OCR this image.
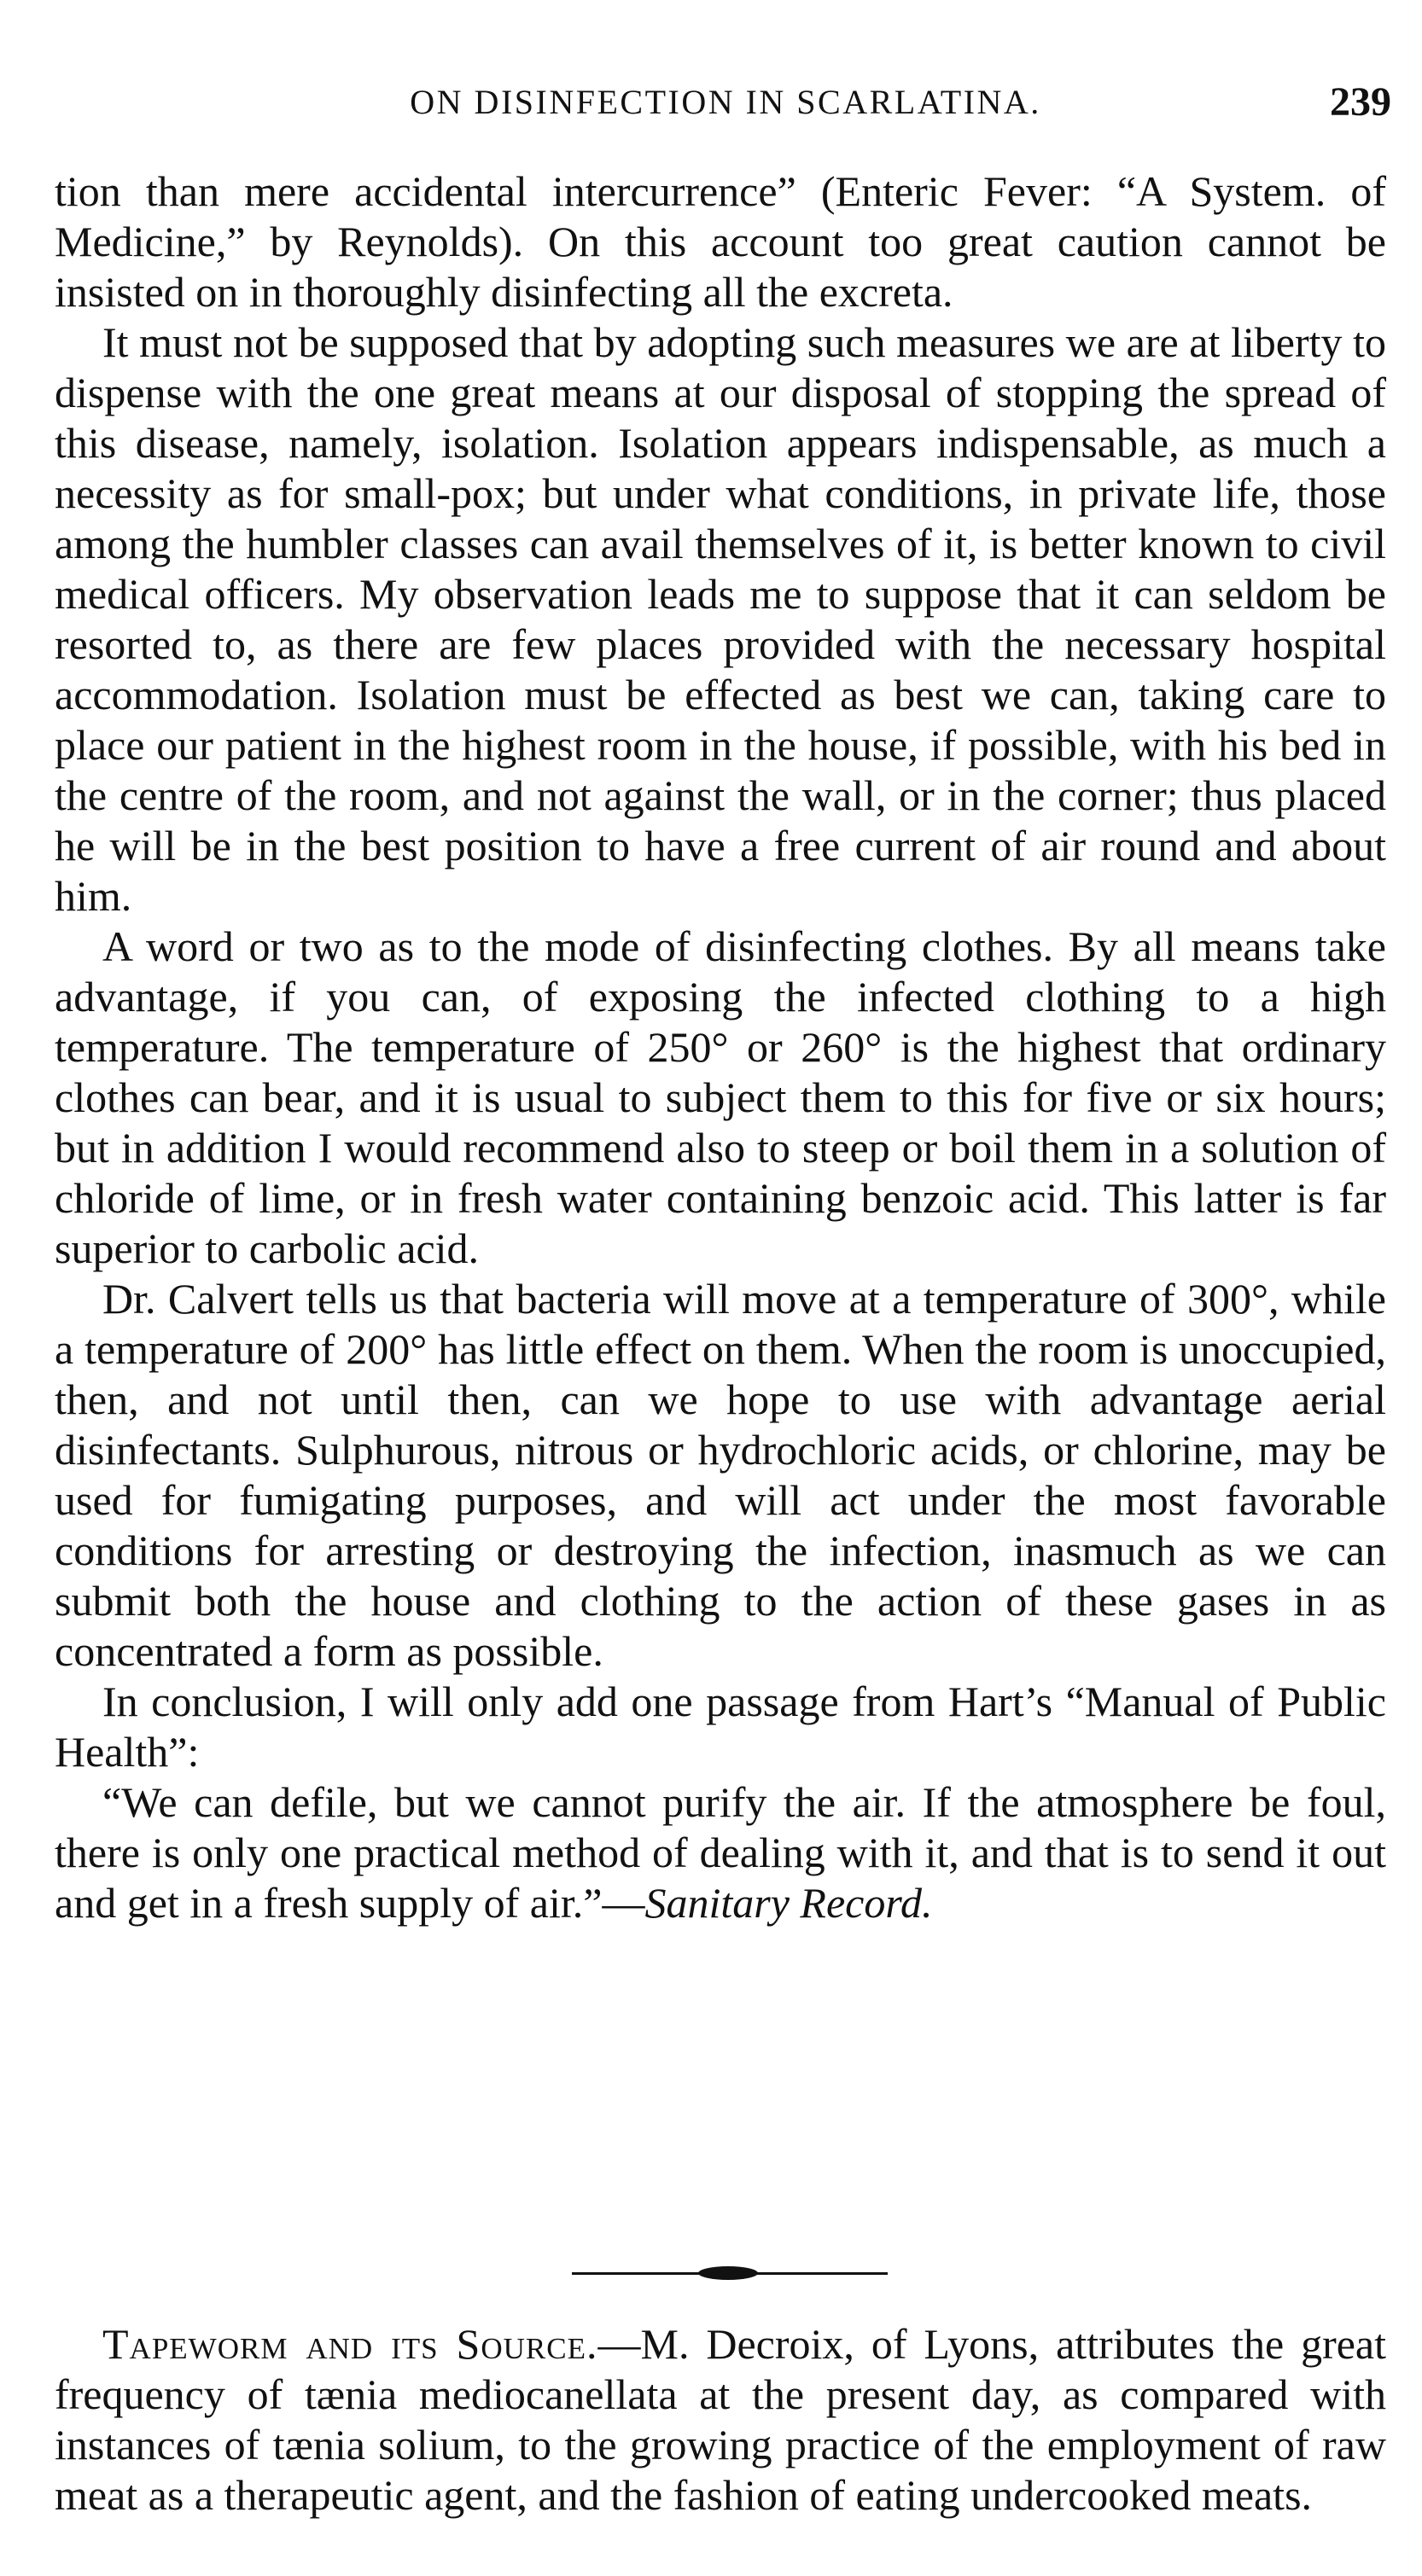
ON DISINFECTION IN SCARLATINA.	239

tion than mere accidental intercurrence” (Enteric Fever: “A System. of Medicine,” by Reynolds). On this account too great caution cannot be insisted on in thoroughly disinfecting all the excreta.

It must not be supposed that by adopting such measures we are at liberty to dispense with the one great means at our disposal of stopping the spread of this disease, namely, isolation. Isolation appears indispensable, as much a necessity as for small-pox; but under what conditions, in private life, those among the humbler classes can avail themselves of it, is better known to civil medical officers. My observation leads me to suppose that it can seldom be resorted to, as there are few places provided with the necessary hospital accommodation. Isolation must be effected as best we can, taking care to place our patient in the highest room in the house, if possible, with his bed in the centre of the room, and not against the wall, or in the corner; thus placed he will be in the best position to have a free current of air round and about him.

A word or two as to the mode of disinfecting clothes. By all means take advantage, if you can, of exposing the infected clothing to a high temperature. The temperature of 250° or 260° is the highest that ordinary clothes can bear, and it is usual to subject them to this for five or six hours; but in addition I would recommend also to steep or boil them in a solution of chloride of lime, or in fresh water containing benzoic acid. This latter is far superior to carbolic acid.

Dr. Calvert tells us that bacteria will move at a temperature of 300°, while a temperature of 200° has little effect on them. When the room is unoccupied, then, and not until then, can we hope to use with advantage aerial disinfectants. Sulphurous, nitrous or hydrochloric acids, or chlorine, may be used for fumigating purposes, and will act under the most favorable conditions for arresting or destroying the infection, inasmuch as we can submit both the house and clothing to the action of these gases in as concentrated a form as possible.

In conclusion, I will only add one passage from Hart’s “Manual of Public Health”:

“We can defile, but we cannot purify the air. If the atmosphere be foul, there is only one practical method of dealing with it, and that is to send it out and get in a fresh supply of air.”—Sanitary Record.

Tapeworm and its Source.—M. Decroix, of Lyons, attributes the great frequency of tænia mediocanellata at the present day, as compared with instances of tænia solium, to the growing practice of the employment of raw meat as a therapeutic agent, and the fashion of eating undercooked meats.
